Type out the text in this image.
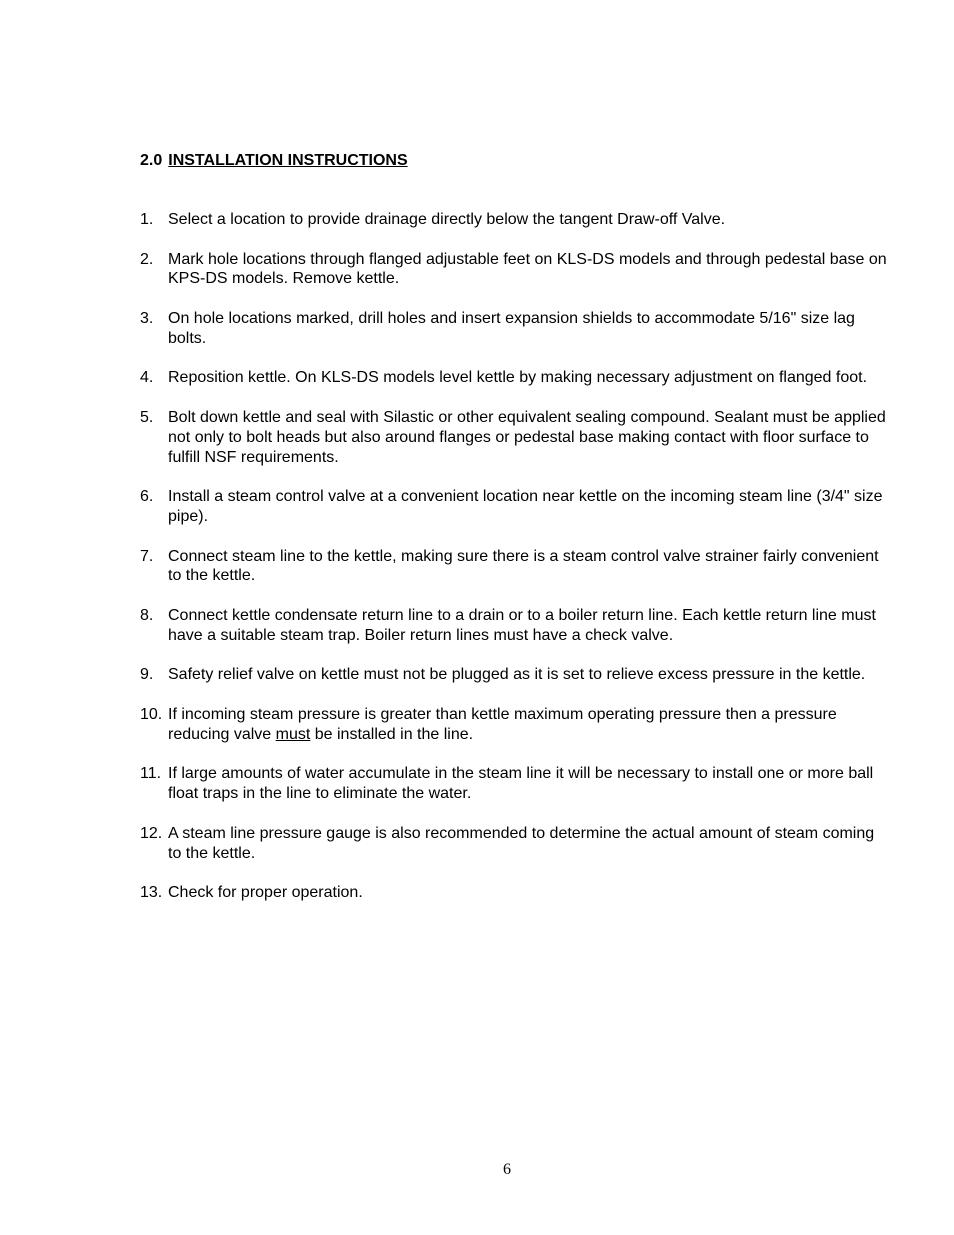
2.0 INSTALLATION INSTRUCTIONS
1. Select a location to provide drainage directly below the tangent Draw-off Valve.
2. Mark hole locations through flanged adjustable feet on KLS-DS models and through pedestal base on KPS-DS models. Remove kettle.
3. On hole locations marked, drill holes and insert expansion shields to accommodate 5/16" size lag bolts.
4. Reposition kettle. On KLS-DS models level kettle by making necessary adjustment on flanged foot.
5. Bolt down kettle and seal with Silastic or other equivalent sealing compound. Sealant must be applied not only to bolt heads but also around flanges or pedestal base making contact with floor surface to fulfill NSF requirements.
6. Install a steam control valve at a convenient location near kettle on the incoming steam line (3/4" size pipe).
7. Connect steam line to the kettle, making sure there is a steam control valve strainer fairly convenient to the kettle.
8. Connect kettle condensate return line to a drain or to a boiler return line. Each kettle return line must have a suitable steam trap. Boiler return lines must have a check valve.
9. Safety relief valve on kettle must not be plugged as it is set to relieve excess pressure in the kettle.
10. If incoming steam pressure is greater than kettle maximum operating pressure then a pressure reducing valve must be installed in the line.
11. If large amounts of water accumulate in the steam line it will be necessary to install one or more ball float traps in the line to eliminate the water.
12. A steam line pressure gauge is also recommended to determine the actual amount of steam coming to the kettle.
13. Check for proper operation.
6
